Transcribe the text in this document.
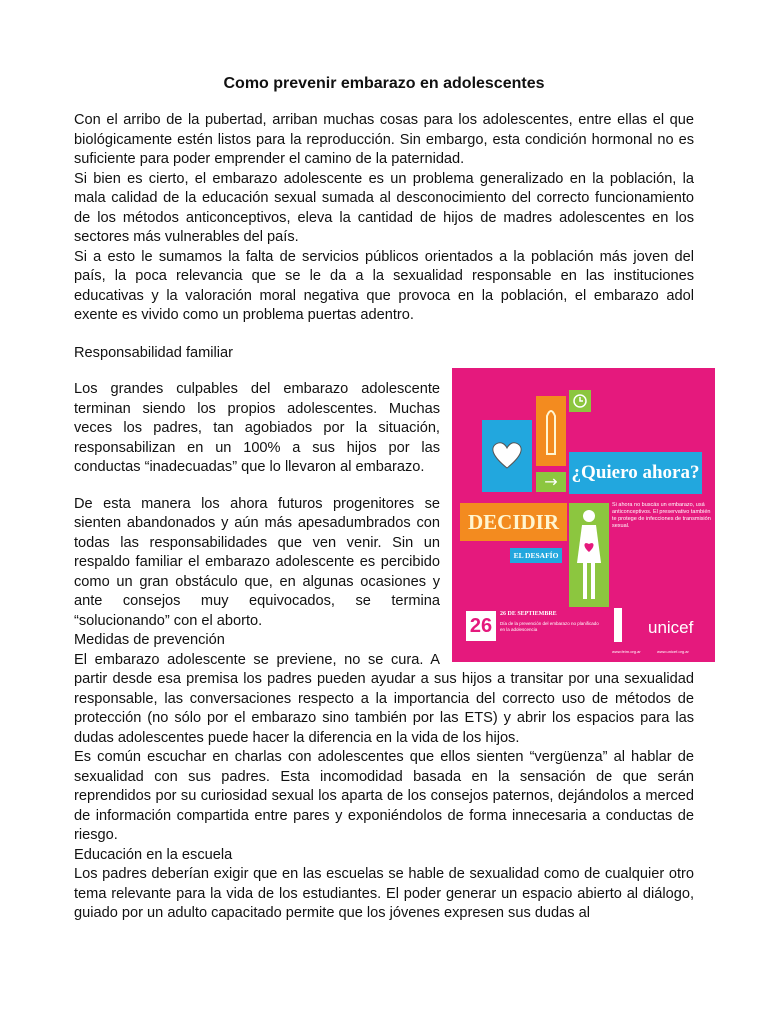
Como prevenir embarazo en adolescentes

Con el arribo de la pubertad, arriban muchas cosas para los adolescentes, entre ellas el que biológicamente estén listos para la reproducción. Sin embargo, esta condición hormonal no es suficiente para poder emprender el camino de la paternidad.

Si bien es cierto, el embarazo adolescente es un problema generalizado en la población, la mala calidad de la educación sexual sumada al desconocimiento del correcto funcionamiento de los métodos anticonceptivos, eleva la cantidad de hijos de madres adolescentes en los sectores más vulnerables del país.

Si a esto le sumamos la falta de servicios públicos orientados a la población más joven del país, la poca relevancia que se le da a la sexualidad responsable en las instituciones educativas y la valoración moral negativa que provoca en la población, el embarazo adol exente es vivido como un problema puertas adentro.

Responsabilidad familiar

→ ¿Quiero ahora?
DECIDIR
EL DESAFÍO
Si ahora no buscás un embarazo, usá anticonceptivos. El preservativo también te protege de infecciones de transmisión sexual.
26
26 DE SEPTIEMBRE
Día de la prevención del embarazo no planificado en la adolescencia	unicef
www.feim.org.ar	www.unicef.org.ar

Los grandes culpables del embarazo adolescente terminan siendo los propios adolescentes. Muchas veces los padres, tan agobiados por la situación, responsabilizan en un 100% a sus hijos por las conductas “inadecuadas” que lo llevaron al embarazo.

De esta manera los ahora futuros progenitores se sienten abandonados y aún más apesadumbrados con todas las responsabilidades que ven venir. Sin un respaldo familiar el embarazo adolescente es percibido como un gran obstáculo que, en algunas ocasiones y ante consejos muy equivocados, se termina “solucionando” con el aborto.

Medidas de prevención

El embarazo adolescente se previene, no se cura. A partir desde esa premisa los padres pueden ayudar a sus hijos a transitar por una sexualidad responsable, las conversaciones respecto a la importancia del correcto uso de métodos de protección (no sólo por el embarazo sino también por las ETS) y abrir los espacios para las dudas adolescentes puede hacer la diferencia en la vida de los hijos.

Es común escuchar en charlas con adolescentes que ellos sienten “vergüenza” al hablar de sexualidad con sus padres. Esta incomodidad basada en la sensación de que serán reprendidos por su curiosidad sexual los aparta de los consejos paternos, dejándolos a merced de información compartida entre pares y exponiéndolos de forma innecesaria a conductas de riesgo.

Educación en la escuela

Los padres deberían exigir que en las escuelas se hable de sexualidad como de cualquier otro tema relevante para la vida de los estudiantes. El poder generar un espacio abierto al diálogo, guiado por un adulto capacitado permite que los jóvenes expresen sus dudas al
